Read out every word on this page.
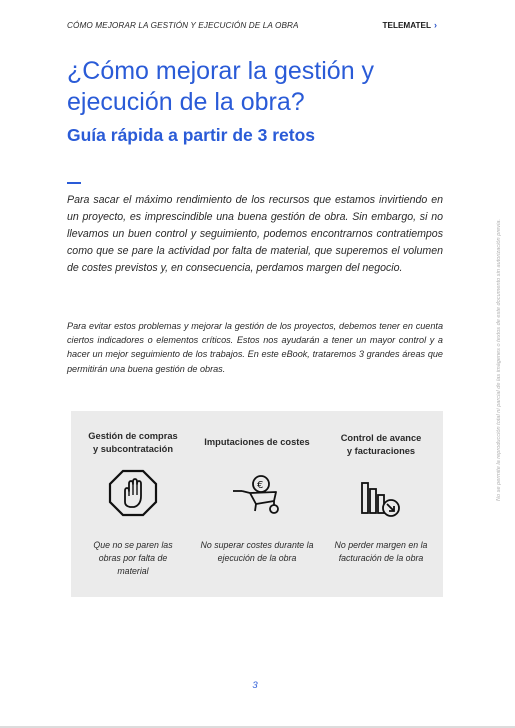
CÓMO MEJORAR LA GESTIÓN Y EJECUCIÓN DE LA OBRA	TELEMATEL ›
¿Cómo mejorar la gestión y
ejecución de la obra?
Guía rápida a partir de 3 retos

Para sacar el máximo rendimiento de los recursos que estamos invirtiendo en un proyecto, es imprescindible una buena gestión de obra. Sin embargo, si no llevamos un buen control y seguimiento, podemos encontrarnos contratiempos como que se pare la actividad por falta de material, que superemos el volumen de costes previstos y, en consecuencia, perdamos margen del negocio.

Para evitar estos problemas y mejorar la gestión de los proyectos, debemos tener en cuenta ciertos indicadores o elementos críticos. Estos nos ayudarán a tener un mayor control y a hacer un mejor seguimiento de los trabajos. En este eBook, trataremos 3 grandes áreas que permitirán una buena gestión de obras.

Gestión de compras
y subcontratación
Que no se paren las
obras por falta de
material
Imputaciones de costes
€
No superar costes durante la
ejecución de la obra
Control de avance
y facturaciones
No perder margen en la
facturación de la obra
No se permite la reproducción total ni parcial de las imágenes o textos de este documento sin autorización previa.
3
